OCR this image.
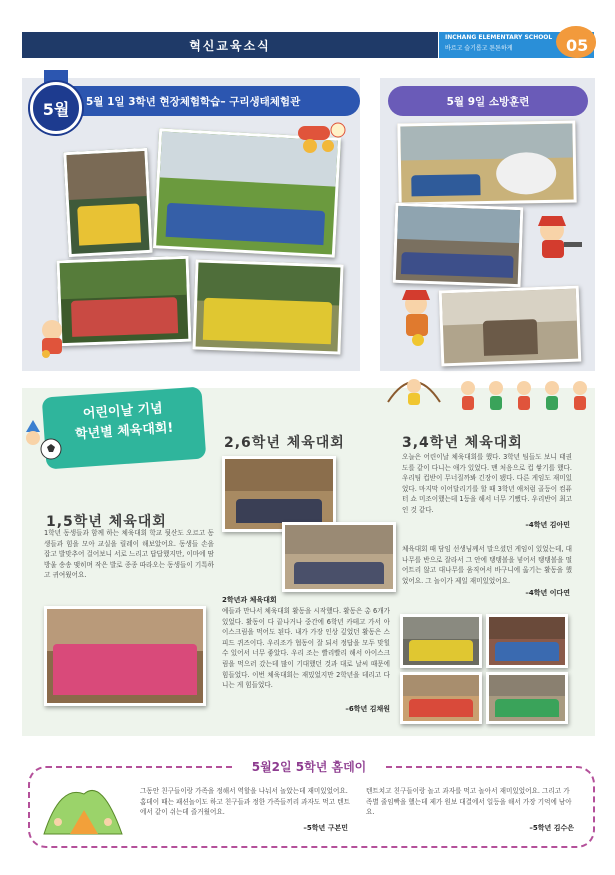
혁신교육소식
INCHANG ELEMENTARY SCHOOL
바르고 슬기롭고 튼튼하게	05
5월 1일 3학년 현장체험학습– 구리생태체험관
5월	5월 9일 소방훈련
어린이날 기념
학년별 체육대회!
1,5학년 체육대회
1학년 동생들과 함께 하는 체육대회 학교 뒷산도 오르고 동생들과 힘을 모아 교실을 릴레이 해보았어요. 동생들 손을 잡고 발맞추어 걸어보니 서로 느리고 답답했지만, 이마에 땀방울 송송 맺히며 작은 발로 종종 따라오는 동생들이 기특하고 귀여웠어요.
2,6학년 체육대회
2학년과 체육대회
예들과 만나서 체육대회 활동을 시작했다. 활동은 총 6개가 있었다. 활동이 다 끝나거나 중간에 6학년 카테고 가서 아이스크림을 먹어도 된다. 내가 가장 인상 깊었던 활동은 스피드 퀴즈이다. 우리조가 협동이 잘 되서 정답을 모두 맞힐 수 있어서 너무 좋았다. 우리 조는 빨리빨리 해서 아이스크림을 먹으러 갔는데 많이 기대했던 것과 대로 날씨 때문에 힘들었다. 이번 체육대회는 재밌었지만 2학년을 데리고 다니는 게 힘들었다.
–6학년 김채원
3,4학년 체육대회
오늘은 어린이날 체육대회를 했다. 3학년 팀들도 보니 태권도를 같이 다니는 애가 있었다. 맨 처음으로 컵 쌓기를 했다. 우리팀 컵받이 무너질까봐 긴장이 됐다. 다른 게임도 재미있었다. 마지막 이어달리기를 할 때 3학년 애처럼 골등이 컴퓨터 쇼 미조이했는데 1등을 해서 너무 기뻤다. 우리반이 최고인 것 같다.
–4학년 김아민
체육대회 때 담임 선생님께서 말으셨던 게임이 있었는데, 대나무를 반으로 잘라서 그 안에 탱탱볼을 넣어서 탱탱볼을 떨어트리 않고 대나무를 움직여서 바구니에 옮기는 활동을 했었어요. 그 놀이가 제일 재미있었어요.
–4학년 이다연
5월2일 5학년 홈데이
그동안 친구들이랑 가족을 정해서 역할을 나눠서 놀았는데 재미있었어요. 홈데이 때는 패션놀이도 하고 친구들과 정한 가족들끼리 과자도 먹고 텐트에서 같이 쉬는데 즐거웠어요.
–5학년 구본민
텐트치고 친구들이랑 놀고 과자를 먹고 놀아서 재미있었어요. 그리고 가족별 줄임빡을 했는데 제가 원보 대결에서 일등을 해서 가장 기억에 남아요.
–5학년 김수은
